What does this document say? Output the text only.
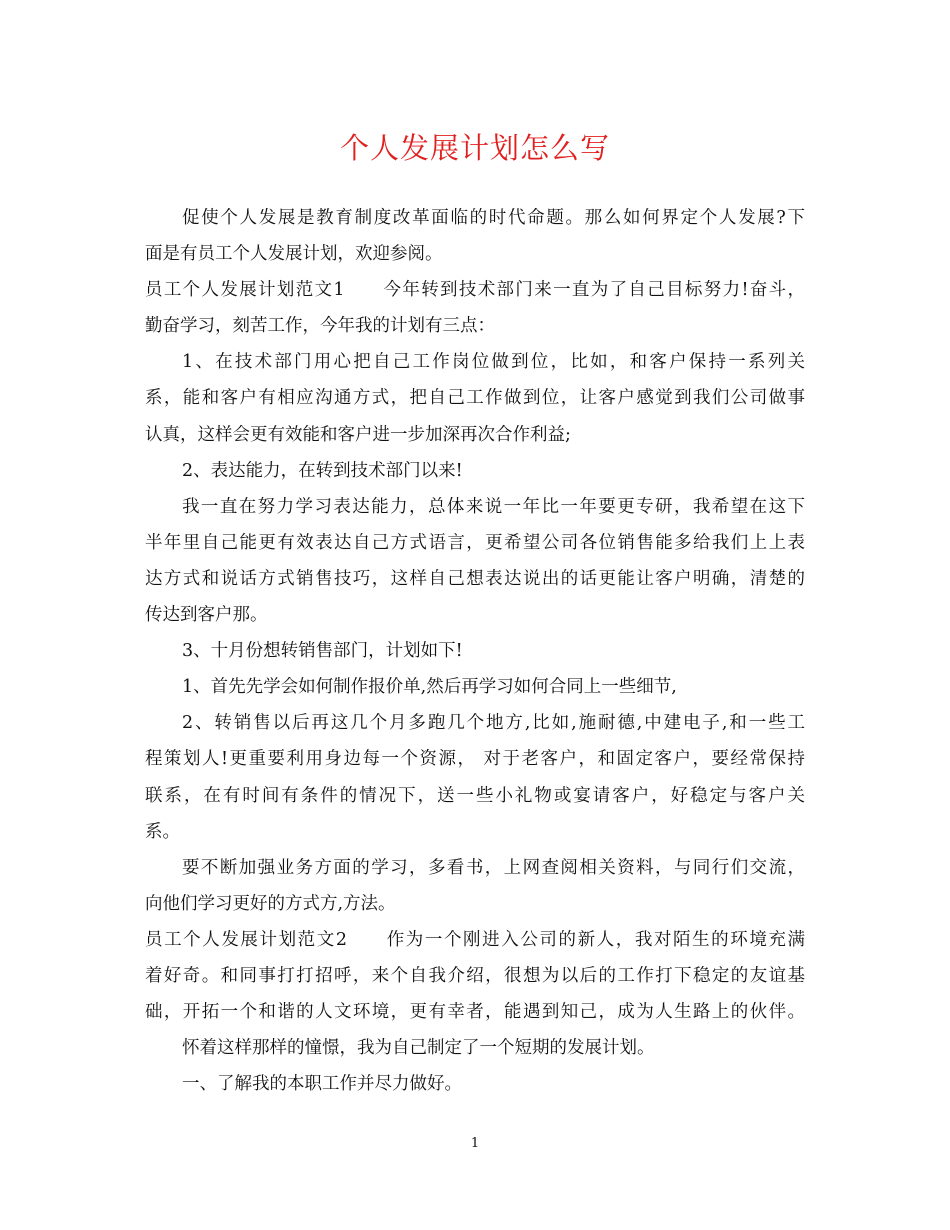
个人发展计划怎么写
促使个人发展是教育制度改革面临的时代命题。那么如何界定个人发展?下
面是有员工个人发展计划，欢迎参阅。
员工个人发展计划范文1　　今年转到技术部门来一直为了自己目标努力!奋斗，
勤奋学习，刻苦工作，今年我的计划有三点：
1、在技术部门用心把自己工作岗位做到位，比如，和客户保持一系列关
系，能和客户有相应沟通方式，把自己工作做到位，让客户感觉到我们公司做事
认真，这样会更有效能和客户进一步加深再次合作利益;
2、表达能力，在转到技术部门以来!
我一直在努力学习表达能力，总体来说一年比一年要更专研，我希望在这下
半年里自己能更有效表达自己方式语言，更希望公司各位销售能多给我们上上表
达方式和说话方式销售技巧，这样自己想表达说出的话更能让客户明确，清楚的
传达到客户那。
3、十月份想转销售部门，计划如下!
1、首先先学会如何制作报价单,然后再学习如何合同上一些细节,
2、转销售以后再这几个月多跑几个地方,比如,施耐德,中建电子,和一些工
程策划人!更重要利用身边每一个资源， 对于老客户，和固定客户，要经常保持
联系，在有时间有条件的情况下，送一些小礼物或宴请客户，好稳定与客户关
系。
要不断加强业务方面的学习，多看书，上网查阅相关资料，与同行们交流，
向他们学习更好的方式方,方法。
员工个人发展计划范文2　　作为一个刚进入公司的新人，我对陌生的环境充满
着好奇。和同事打打招呼，来个自我介绍，很想为以后的工作打下稳定的友谊基
础，开拓一个和谐的人文环境，更有幸者，能遇到知己，成为人生路上的伙伴。
怀着这样那样的憧憬，我为自己制定了一个短期的发展计划。
一、了解我的本职工作并尽力做好。
1
